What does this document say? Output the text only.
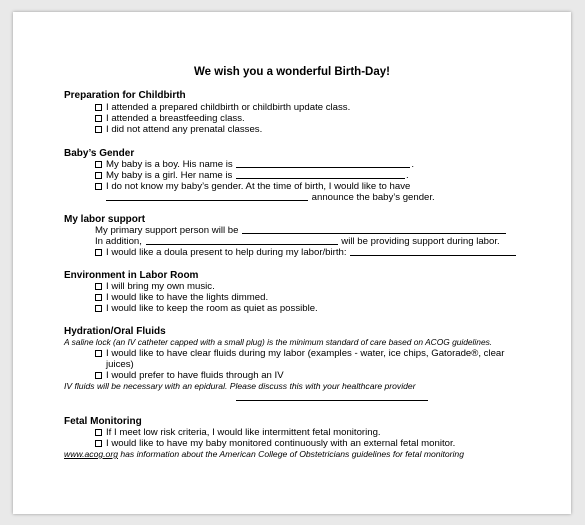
We wish you a wonderful Birth-Day!
Preparation for Childbirth
I attended a prepared childbirth or childbirth update class.
I attended a breastfeeding class.
I did not attend any prenatal classes.
Baby’s Gender
My baby is a boy. His name is	.
My baby is a girl. Her name is	.
I do not know my baby’s gender. At the time of birth, I would like to have
announce the baby’s gender.
My labor support
My primary support person will be
In addition,	will be providing support during labor.
I would like a doula present to help during my labor/birth:
Environment in Labor Room
I will bring my own music.
I would like to have the lights dimmed.
I would like to keep the room as quiet as possible.
Hydration/Oral Fluids
A saline lock (an IV catheter capped with a small plug) is the minimum standard of care based on ACOG guidelines.
I would like to have clear fluids during my labor (examples - water, ice chips, Gatorade®, clear
juices)
I would prefer to have fluids through an IV
IV fluids will be necessary with an epidural. Please discuss this with your healthcare provider
Fetal Monitoring
If I meet low risk criteria, I would like intermittent fetal monitoring.
I would like to have my baby monitored continuously with an external fetal monitor.
www.acog.org has information about the American College of Obstetricians guidelines for fetal monitoring
